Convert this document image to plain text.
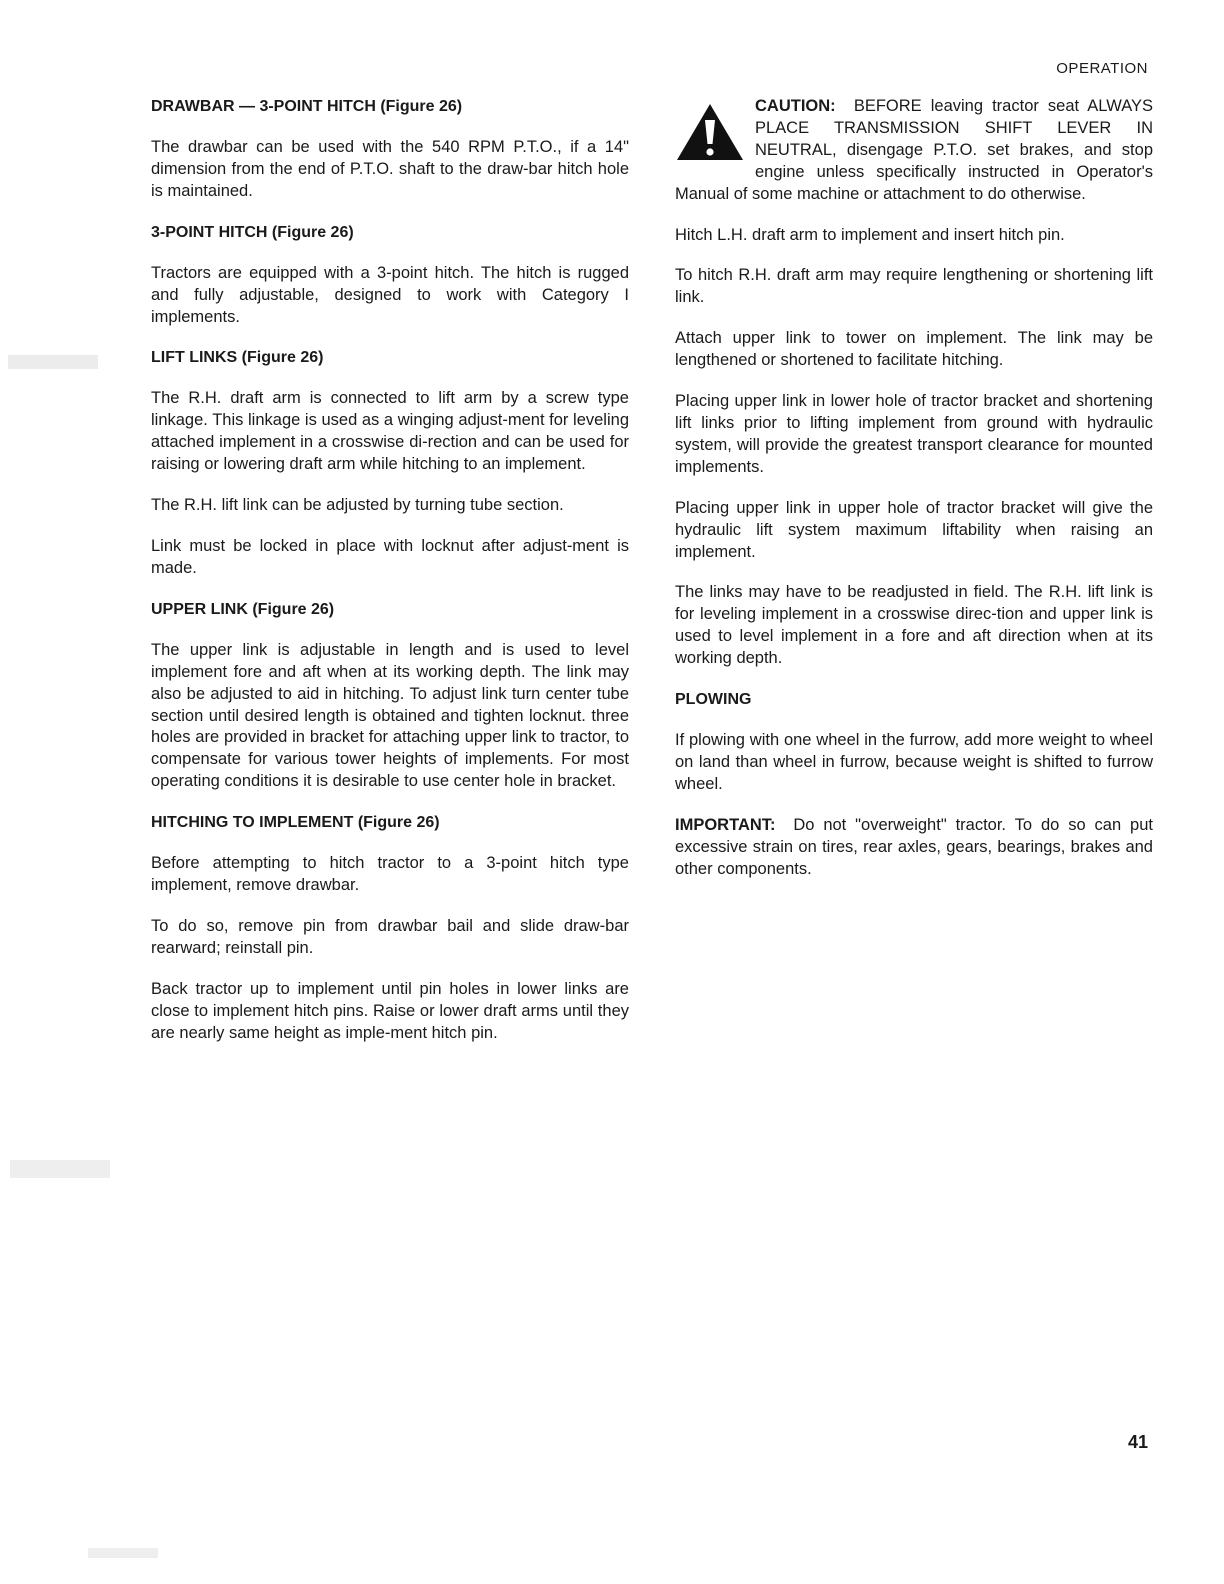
OPERATION
DRAWBAR — 3-POINT HITCH (Figure 26)
The drawbar can be used with the 540 RPM P.T.O., if a 14" dimension from the end of P.T.O. shaft to the draw-bar hitch hole is maintained.
3-POINT HITCH (Figure 26)
Tractors are equipped with a 3-point hitch. The hitch is rugged and fully adjustable, designed to work with Category I implements.
LIFT LINKS (Figure 26)
The R.H. draft arm is connected to lift arm by a screw type linkage. This linkage is used as a winging adjust-ment for leveling attached implement in a crosswise di-rection and can be used for raising or lowering draft arm while hitching to an implement.
The R.H. lift link can be adjusted by turning tube section.
Link must be locked in place with locknut after adjust-ment is made.
UPPER LINK (Figure 26)
The upper link is adjustable in length and is used to level implement fore and aft when at its working depth. The link may also be adjusted to aid in hitching. To adjust link turn center tube section until desired length is obtained and tighten locknut. three holes are provided in bracket for attaching upper link to tractor, to compensate for various tower heights of implements. For most operating conditions it is desirable to use center hole in bracket.
HITCHING TO IMPLEMENT (Figure 26)
Before attempting to hitch tractor to a 3-point hitch type implement, remove drawbar.
To do so, remove pin from drawbar bail and slide draw-bar rearward; reinstall pin.
Back tractor up to implement until pin holes in lower links are close to implement hitch pins. Raise or lower draft arms until they are nearly same height as imple-ment hitch pin.
CAUTION: BEFORE leaving tractor seat ALWAYS PLACE TRANSMISSION SHIFT LEVER IN NEUTRAL, disengage P.T.O. set brakes, and stop engine unless specifically instructed in Operator's Manual of some machine or attachment to do otherwise.
Hitch L.H. draft arm to implement and insert hitch pin.
To hitch R.H. draft arm may require lengthening or shortening lift link.
Attach upper link to tower on implement. The link may be lengthened or shortened to facilitate hitching.
Placing upper link in lower hole of tractor bracket and shortening lift links prior to lifting implement from ground with hydraulic system, will provide the greatest transport clearance for mounted implements.
Placing upper link in upper hole of tractor bracket will give the hydraulic lift system maximum liftability when raising an implement.
The links may have to be readjusted in field. The R.H. lift link is for leveling implement in a crosswise direc-tion and upper link is used to level implement in a fore and aft direction when at its working depth.
PLOWING
If plowing with one wheel in the furrow, add more weight to wheel on land than wheel in furrow, because weight is shifted to furrow wheel.
IMPORTANT: Do not "overweight" tractor. To do so can put excessive strain on tires, rear axles, gears, bearings, brakes and other components.
41
